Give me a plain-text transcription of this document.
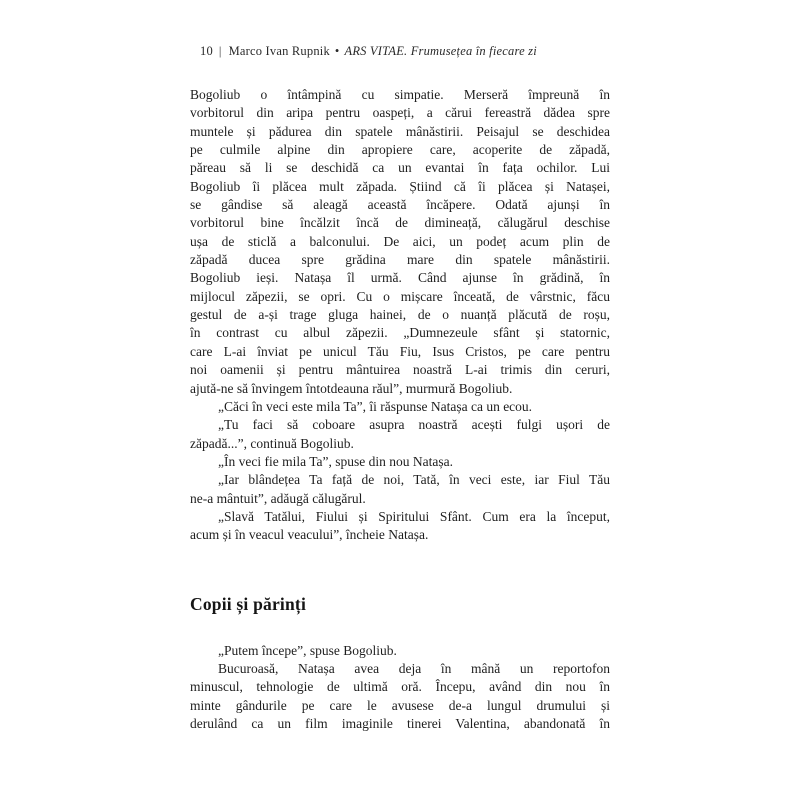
10 | Marco Ivan Rupnik • ARS VITAE. Frumusețea în fiecare zi
Bogoliub o întâmpină cu simpatie. Merseră împreună în
vorbitorul din aripa pentru oaspeți, a cărui fereastră dădea spre
muntele și pădurea din spatele mânăstirii. Peisajul se deschidea
pe culmile alpine din apropiere care, acoperite de zăpadă,
păreau să li se deschidă ca un evantai în fața ochilor. Lui
Bogoliub îi plăcea mult zăpada. Știind că îi plăcea și Natașei,
se gândise să aleagă această încăpere. Odată ajunși în
vorbitorul bine încălzit încă de dimineață, călugărul deschise
ușa de sticlă a balconului. De aici, un podeț acum plin de
zăpadă ducea spre grădina mare din spatele mânăstirii.
Bogoliub ieși. Natașa îl urmă. Când ajunse în grădină, în
mijlocul zăpezii, se opri. Cu o mișcare înceată, de vârstnic, făcu
gestul de a-și trage gluga hainei, de o nuanță plăcută de roșu,
în contrast cu albul zăpezii. „Dumnezeule sfânt și statornic,
care L-ai înviat pe unicul Tău Fiu, Isus Cristos, pe care pentru
noi oamenii și pentru mântuirea noastră L-ai trimis din ceruri,
ajută-ne să învingem întotdeauna răul”, murmură Bogoliub.
„Căci în veci este mila Ta”, îi răspunse Natașa ca un ecou.
„Tu faci să coboare asupra noastră acești fulgi ușori de
zăpadă...”, continuă Bogoliub.
„În veci fie mila Ta”, spuse din nou Natașa.
„Iar blândețea Ta față de noi, Tată, în veci este, iar Fiul Tău
ne-a mântuit”, adăugă călugărul.
„Slavă Tatălui, Fiului și Spiritului Sfânt. Cum era la început,
acum și în veacul veacului”, încheie Natașa.
Copii și părinți
„Putem începe”, spuse Bogoliub.
Bucuroasă, Natașa avea deja în mână un reportofon
minuscul, tehnologie de ultimă oră. Începu, având din nou în
minte gândurile pe care le avusese de-a lungul drumului și
derulând ca un film imaginile tinerei Valentina, abandonată în
